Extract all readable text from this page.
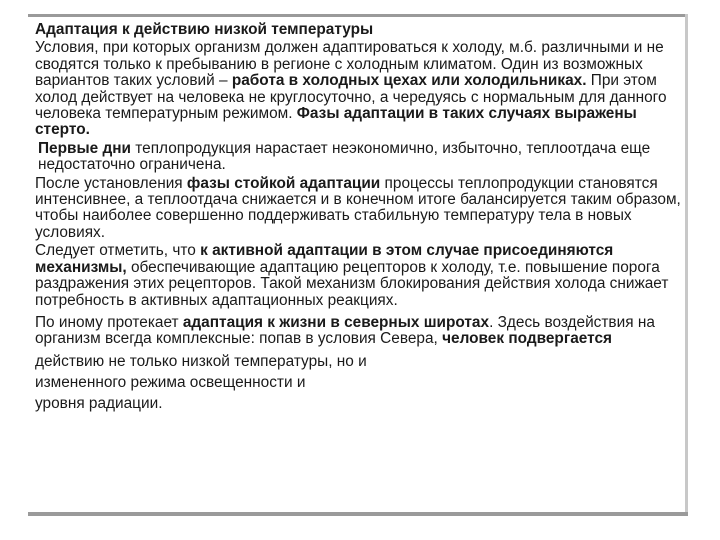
Адаптация к действию низкой температуры

Условия, при которых организм должен адаптироваться к холоду, м.б. различными и не сводятся только к пребыванию в регионе с холодным климатом. Один из возможных вариантов таких условий – работа в холодных цехах или холодильниках. При этом холод действует на человека не круглосуточно, а чередуясь с нормальным для данного человека температурным режимом. Фазы адаптации в таких случаях выражены стерто.

Первые дни теплопродукция нарастает неэкономично, избыточно, теплоотдача еще недостаточно ограничена.

После установления фазы стойкой адаптации процессы теплопродукции становятся интенсивнее, а теплоотдача снижается и в конечном итоге балансируется таким образом, чтобы наиболее совершенно поддерживать стабильную температуру тела в новых условиях.

Следует отметить, что к активной адаптации в этом случае присоединяются механизмы, обеспечивающие адаптацию рецепторов к холоду, т.е. повышение порога раздражения этих рецепторов. Такой механизм блокирования действия холода снижает потребность в активных адаптационных реакциях.

По иному протекает адаптация к жизни в северных широтах. Здесь воздействия на организм всегда комплексные: попав в условия Севера, человек подвергается

действию не только низкой температуры, но и
измененного режима освещенности и
уровня радиации.
